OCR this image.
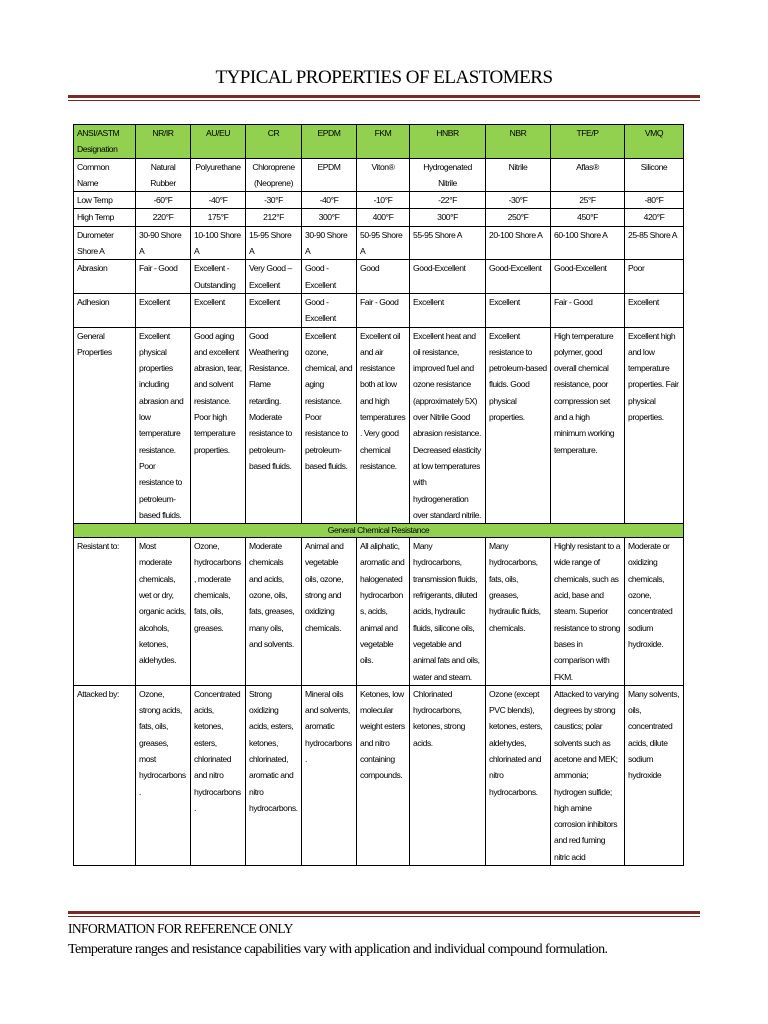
TYPICAL PROPERTIES OF ELASTOMERS
ANSI/ASTM Designation	NR/IR	AU/EU	CR	EPDM	FKM	HNBR	NBR	TFE/P	VMQ
Common Name	Natural Rubber	Polyurethane	Chloroprene (Neoprene)	EPDM	Viton®	Hydrogenated Nitrile	Nitrile	Aflas®	Silicone
Low Temp	-60°F	-40°F	-30°F	-40°F	-10°F	-22°F	-30°F	25°F	-80°F
High Temp	220°F	175°F	212°F	300°F	400°F	300°F	250°F	450°F	420°F
Durometer Shore A	30-90 Shore A	10-100 Shore A	15-95 Shore A	30-90 Shore A	50-95 Shore A	55-95 Shore A	20-100 Shore A	60-100 Shore A	25-85 Shore A
Abrasion	Fair - Good	Excellent - Outstanding	Very Good – Excellent	Good - Excellent	Good	Good-Excellent	Good-Excellent	Good-Excellent	Poor
Adhesion	Excellent	Excellent	Excellent	Good - Excellent	Fair - Good	Excellent	Excellent	Fair - Good	Excellent
General Properties	Excellent physical properties including abrasion and low temperature resistance. Poor resistance to petroleum-based fluids.	Good aging and excellent abrasion, tear, and solvent resistance. Poor high temperature properties.	Good Weathering Resistance. Flame retarding. Moderate resistance to petroleum-based fluids.	Excellent ozone, chemical, and aging resistance. Poor resistance to petroleum-based fluids.	Excellent oil and air resistance both at low and high temperatures. Very good chemical resistance.	Excellent heat and oil resistance, improved fuel and ozone resistance (approximately 5X) over Nitrile Good abrasion resistance. Decreased elasticity at low temperatures with hydrogeneration over standard nitrile.	Excellent resistance to petroleum-based fluids. Good physical properties.	High temperature polymer, good overall chemical resistance, poor compression set and a high minimum working temperature.	Excellent high and low temperature properties. Fair physical properties.
General Chemical Resistance									
Resistant to:	Most moderate chemicals, wet or dry, organic acids, alcohols, ketones, aldehydes.	Ozone, hydrocarbons, moderate chemicals, fats, oils, greases.	Moderate chemicals and acids, ozone, oils, fats, greases, many oils, and solvents.	Animal and vegetable oils, ozone, strong and oxidizing chemicals.	All aliphatic, aromatic and halogenated hydrocarbons, acids, animal and vegetable oils.	Many hydrocarbons, transmission fluids, refrigerants, diluted acids, hydraulic fluids, silicone oils, vegetable and animal fats and oils, water and steam.	Many hydrocarbons, fats, oils, greases, hydraulic fluids, chemicals.	Highly resistant to a wide range of chemicals, such as acid, base and steam. Superior resistance to strong bases in comparison with FKM.	Moderate or oxidizing chemicals, ozone, concentrated sodium hydroxide.
Attacked by:	Ozone, strong acids, fats, oils, greases, most hydrocarbons.	Concentrated acids, ketones, esters, chlorinated and nitro hydrocarbons.	Strong oxidizing acids, esters, ketones, chlorinated, aromatic and nitro hydrocarbons.	Mineral oils and solvents, aromatic hydrocarbons.	Ketones, low molecular weight esters and nitro containing compounds.	Chlorinated hydrocarbons, ketones, strong acids.	Ozone (except PVC blends), ketones, esters, aldehydes, chlorinated and nitro hydrocarbons.	Attacked to varying degrees by strong caustics; polar solvents such as acetone and MEK; ammonia; hydrogen sulfide; high amine corrosion inhibitors and red fuming nitric acid	Many solvents, oils, concentrated acids, dilute sodium hydroxide
INFORMATION FOR REFERENCE ONLY
Temperature ranges and resistance capabilities vary with application and individual compound formulation.
